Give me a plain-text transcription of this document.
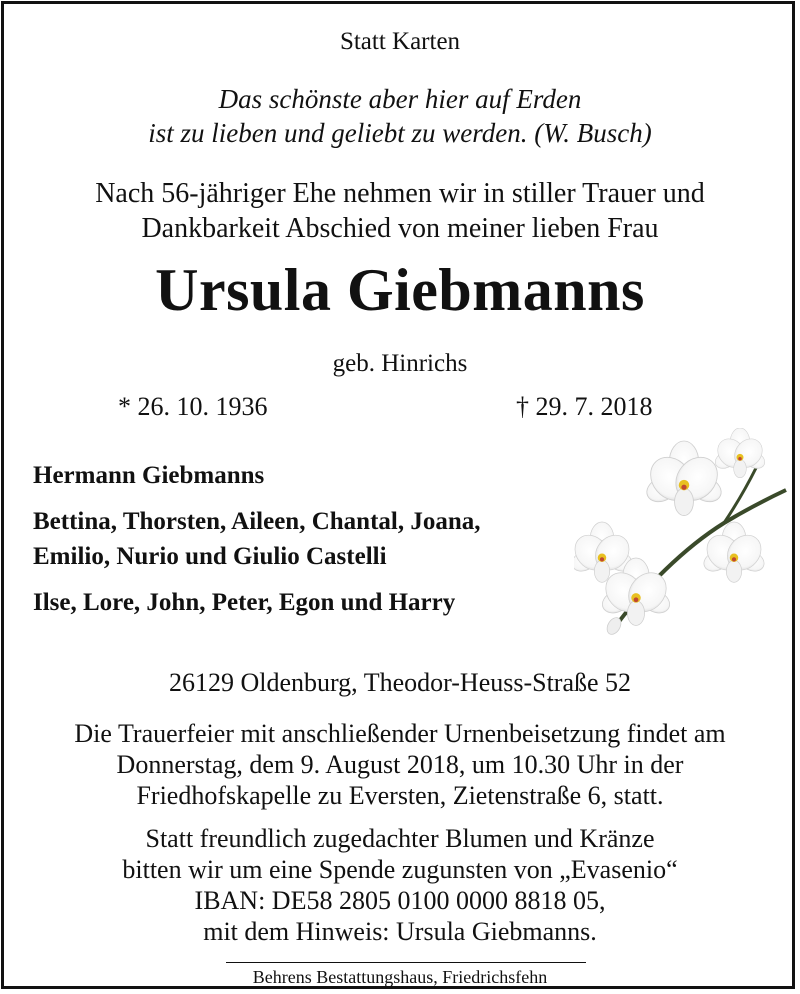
Statt Karten
Das schönste aber hier auf Erden
ist zu lieben und geliebt zu werden. (W. Busch)
Nach 56-jähriger Ehe nehmen wir in stiller Trauer und
Dankbarkeit Abschied von meiner lieben Frau
Ursula Giebmanns
geb. Hinrichs
* 26. 10. 1936	† 29. 7. 2018
Hermann Giebmanns
Bettina, Thorsten, Aileen, Chantal, Joana,
Emilio, Nurio und Giulio Castelli
Ilse, Lore, John, Peter, Egon und Harry
26129 Oldenburg, Theodor-Heuss-Straße 52
Die Trauerfeier mit anschließender Urnenbeisetzung findet am
Donnerstag, dem 9. August 2018, um 10.30 Uhr in der
Friedhofskapelle zu Eversten, Zietenstraße 6, statt.
Statt freundlich zugedachter Blumen und Kränze
bitten wir um eine Spende zugunsten von „Evasenio“
IBAN: DE58 2805 0100 0000 8818 05,
mit dem Hinweis: Ursula Giebmanns.
Behrens Bestattungshaus, Friedrichsfehn
